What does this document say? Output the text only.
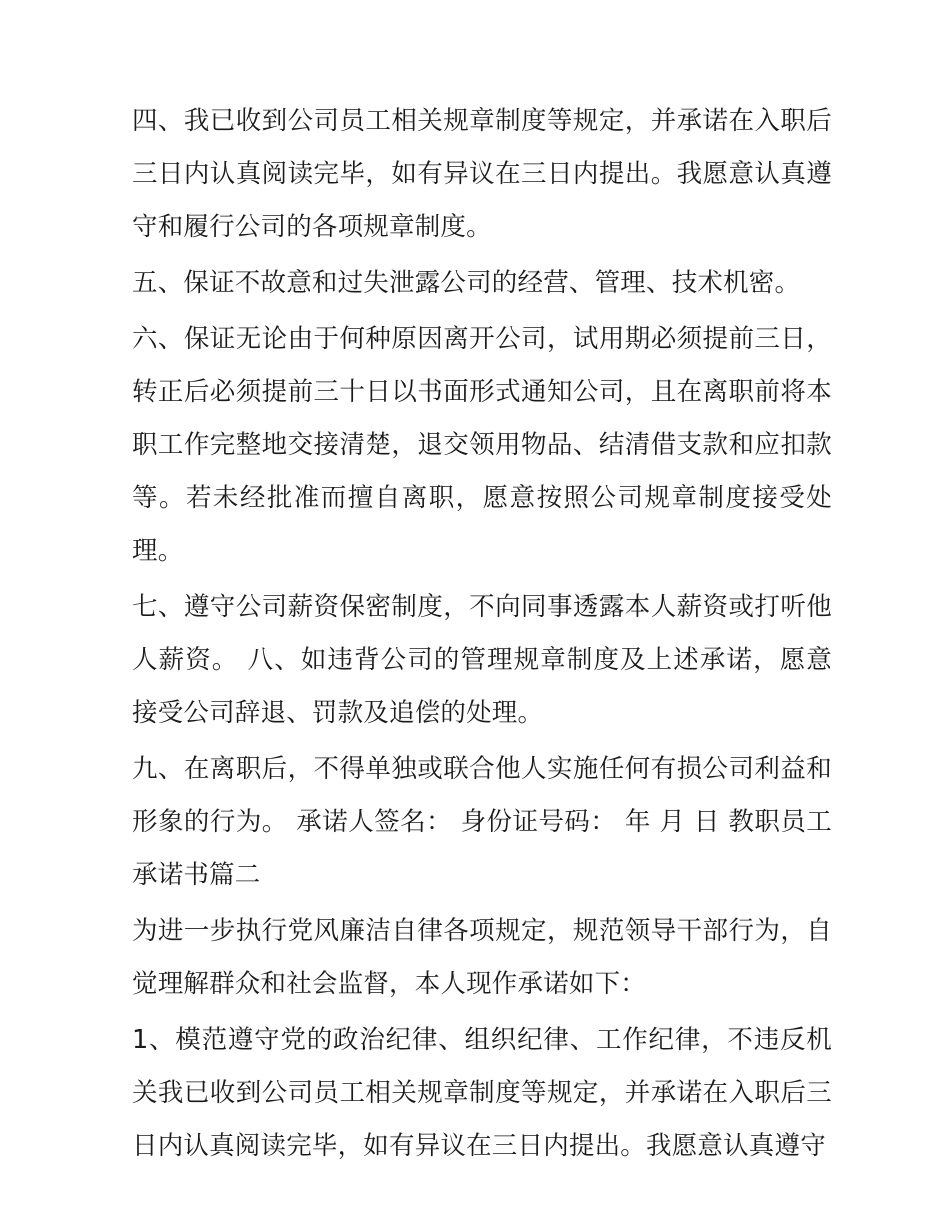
四、我已收到公司员工相关规章制度等规定，并承诺在入职后三日内认真阅读完毕，如有异议在三日内提出。我愿意认真遵守和履行公司的各项规章制度。

五、保证不故意和过失泄露公司的经营、管理、技术机密。

六、保证无论由于何种原因离开公司，试用期必须提前三日，转正后必须提前三十日以书面形式通知公司，且在离职前将本职工作完整地交接清楚，退交领用物品、结清借支款和应扣款等。若未经批准而擅自离职，愿意按照公司规章制度接受处理。

七、遵守公司薪资保密制度，不向同事透露本人薪资或打听他人薪资。 八、如违背公司的管理规章制度及上述承诺，愿意接受公司辞退、罚款及追偿的处理。

九、在离职后，不得单独或联合他人实施任何有损公司利益和形象的行为。 承诺人签名： 身份证号码： 年 月 日 教职员工承诺书篇二

为进一步执行党风廉洁自律各项规定，规范领导干部行为，自觉理解群众和社会监督，本人现作承诺如下：

1、模范遵守党的政治纪律、组织纪律、工作纪律，不违反机关我已收到公司员工相关规章制度等规定，并承诺在入职后三日内认真阅读完毕，如有异议在三日内提出。我愿意认真遵守
